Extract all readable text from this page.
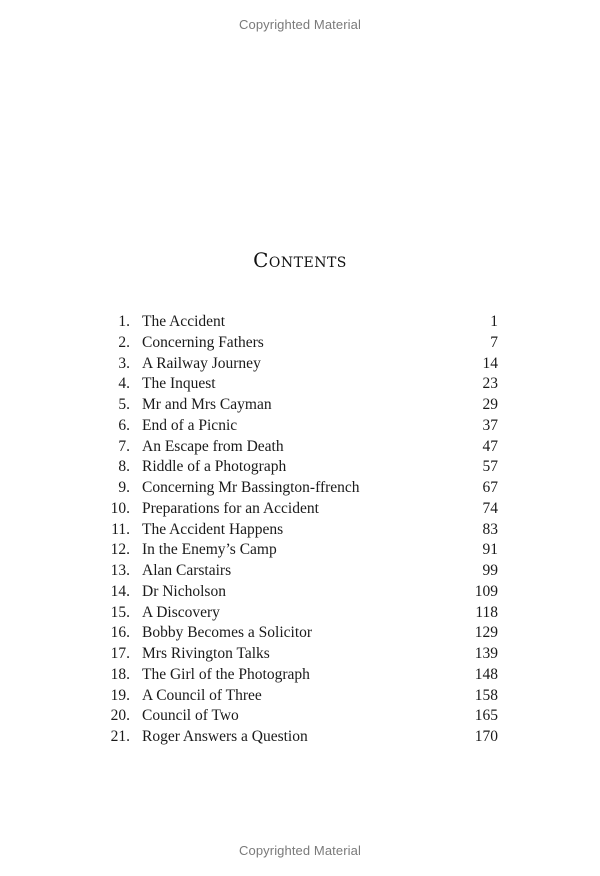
Copyrighted Material
Contents
1. The Accident	1
2. Concerning Fathers	7
3. A Railway Journey	14
4. The Inquest	23
5. Mr and Mrs Cayman	29
6. End of a Picnic	37
7. An Escape from Death	47
8. Riddle of a Photograph	57
9. Concerning Mr Bassington-ffrench	67
10. Preparations for an Accident	74
11. The Accident Happens	83
12. In the Enemy’s Camp	91
13. Alan Carstairs	99
14. Dr Nicholson	109
15. A Discovery	118
16. Bobby Becomes a Solicitor	129
17. Mrs Rivington Talks	139
18. The Girl of the Photograph	148
19. A Council of Three	158
20. Council of Two	165
21. Roger Answers a Question	170
Copyrighted Material
